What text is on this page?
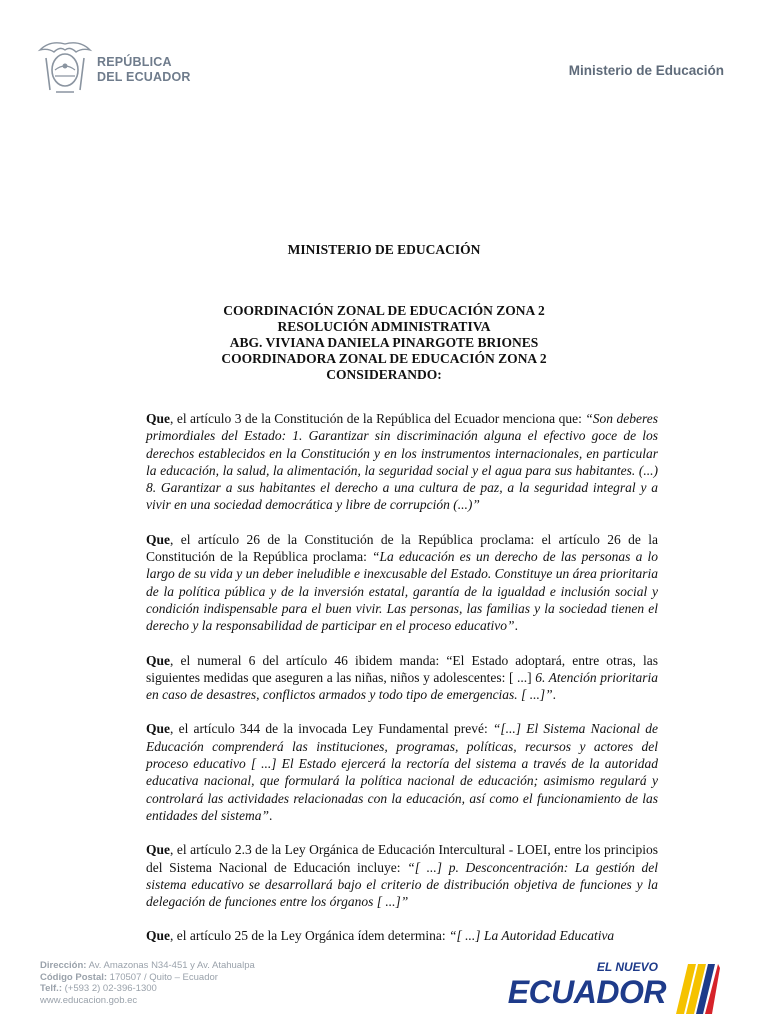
REPÚBLICA
DEL ECUADOR	Ministerio de Educación
MINISTERIO DE EDUCACIÓN
COORDINACIÓN ZONAL DE EDUCACIÓN ZONA 2
RESOLUCIÓN ADMINISTRATIVA
ABG. VIVIANA DANIELA PINARGOTE BRIONES
COORDINADORA ZONAL DE EDUCACIÓN ZONA 2
CONSIDERANDO:

Que, el artículo 3 de la Constitución de la República del Ecuador menciona que: “Son deberes primordiales del Estado: 1. Garantizar sin discriminación alguna el efectivo goce de los derechos establecidos en la Constitución y en los instrumentos internacionales, en particular la educación, la salud, la alimentación, la seguridad social y el agua para sus habitantes. (...) 8. Garantizar a sus habitantes el derecho a una cultura de paz, a la seguridad integral y a vivir en una sociedad democrática y libre de corrupción (...)”

Que, el artículo 26 de la Constitución de la República proclama: el artículo 26 de la Constitución de la República proclama: “La educación es un derecho de las personas a lo largo de su vida y un deber ineludible e inexcusable del Estado. Constituye un área prioritaria de la política pública y de la inversión estatal, garantía de la igualdad e inclusión social y condición indispensable para el buen vivir. Las personas, las familias y la sociedad tienen el derecho y la responsabilidad de participar en el proceso educativo”.

Que, el numeral 6 del artículo 46 ibidem manda: “El Estado adoptará, entre otras, las siguientes medidas que aseguren a las niñas, niños y adolescentes: [ ...] 6. Atención prioritaria en caso de desastres, conflictos armados y todo tipo de emergencias. [ ...]”.

Que, el artículo 344 de la invocada Ley Fundamental prevé: “[...] El Sistema Nacional de Educación comprenderá las instituciones, programas, políticas, recursos y actores del proceso educativo [ ...] El Estado ejercerá la rectoría del sistema a través de la autoridad educativa nacional, que formulará la política nacional de educación; asimismo regulará y controlará las actividades relacionadas con la educación, así como el funcionamiento de las entidades del sistema”.

Que, el artículo 2.3 de la Ley Orgánica de Educación Intercultural - LOEI, entre los principios del Sistema Nacional de Educación incluye: “[ ...] p. Desconcentración: La gestión del sistema educativo se desarrollará bajo el criterio de distribución objetiva de funciones y la delegación de funciones entre los órganos [ ...]”

Que, el artículo 25 de la Ley Orgánica ídem determina: “[ ...] La Autoridad Educativa

Dirección: Av. Amazonas N34-451 y Av. Atahualpa
Código Postal: 170507 / Quito – Ecuador
Telf.: (+593 2) 02-396-1300
www.educacion.gob.ec
EL NUEVO
ECUADOR
